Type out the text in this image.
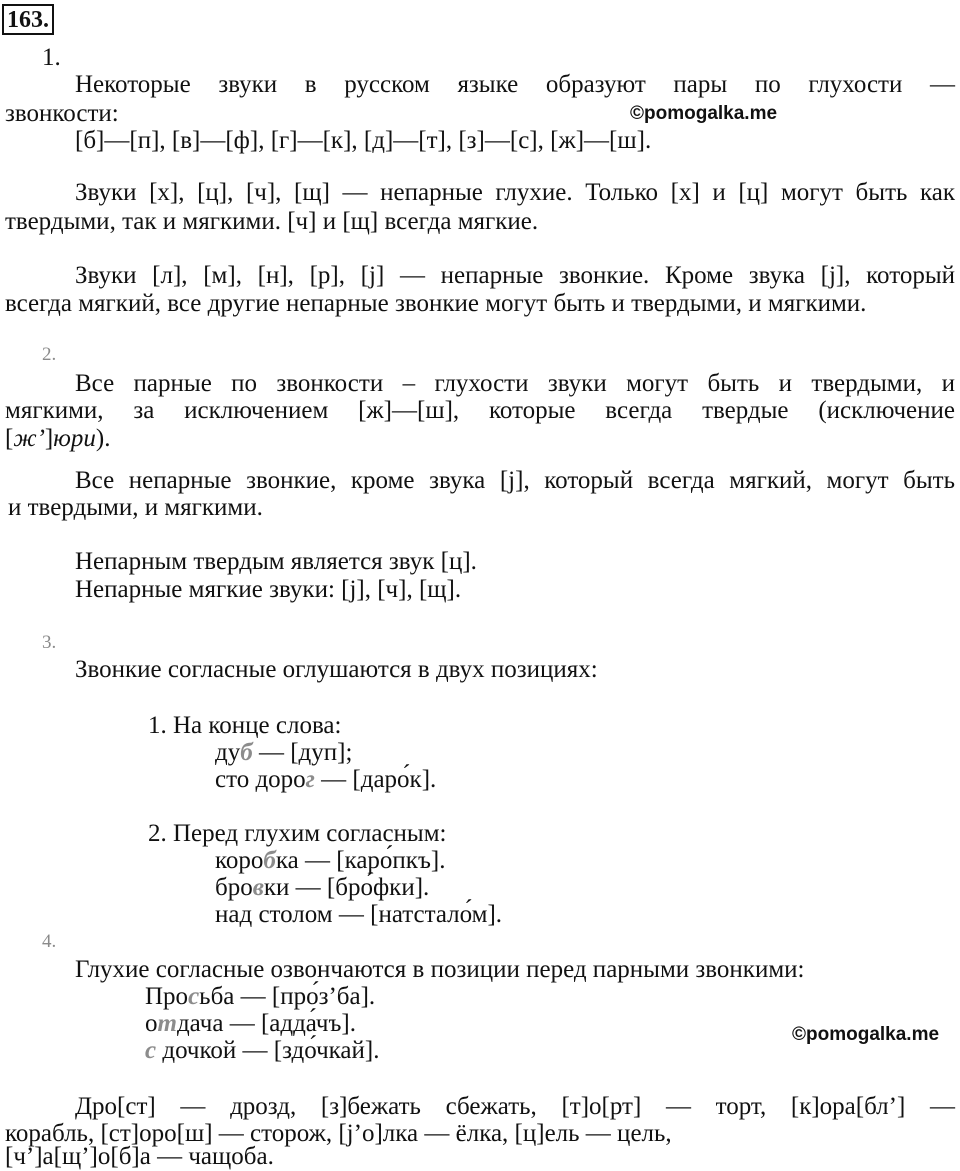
163.
1.
Некоторые звуки в русском языке образуют пары по глухости —
звонкости:	©pomogalka.me
[б]—[п], [в]—[ф], [г]—[к], [д]—[т], [з]—[с], [ж]—[ш].
Звуки [х], [ц], [ч], [щ] — непарные глухие. Только [х] и [ц] могут быть как
твердыми, так и мягкими. [ч] и [щ] всегда мягкие.
Звуки [л], [м], [н], [р], [j] — непарные звонкие. Кроме звука [j], который
всегда мягкий, все другие непарные звонкие могут быть и твердыми, и мягкими.
2.
Все парные по звонкости – глухости звуки могут быть и твердыми, и
мягкими, за исключением [ж]—[ш], которые всегда твердые (исключение
[ж’]юри).
Все непарные звонкие, кроме звука [j], который всегда мягкий, могут быть
и твердыми, и мягкими.
Непарным твердым является звук [ц].
Непарные мягкие звуки: [j], [ч], [щ].
3.
Звонкие согласные оглушаются в двух позициях:
1. На конце слова:
дуб — [дуп];
сто дорог — [даро́к].
2. Перед глухим согласным:
коробка — [каро́пкъ].
бровки — [бро́фки].
над столом — [натстало́м].
4.
Глухие согласные озвончаются в позиции перед парными звонкими:
Просьба — [про́з’ба].
отдача — [адда́чъ].
с дочкой — [здо́чкай].
©pomogalka.me
Дро[ст] — дрозд, [з]бежать сбежать, [т]о[рт] — торт, [к]ора[бл’] —
корабль, [ст]оро[ш] — сторож, [j’о]лка — ёлка, [ц]ель — цель,
[ч’]а[щ’]о[б]а — чащоба.
